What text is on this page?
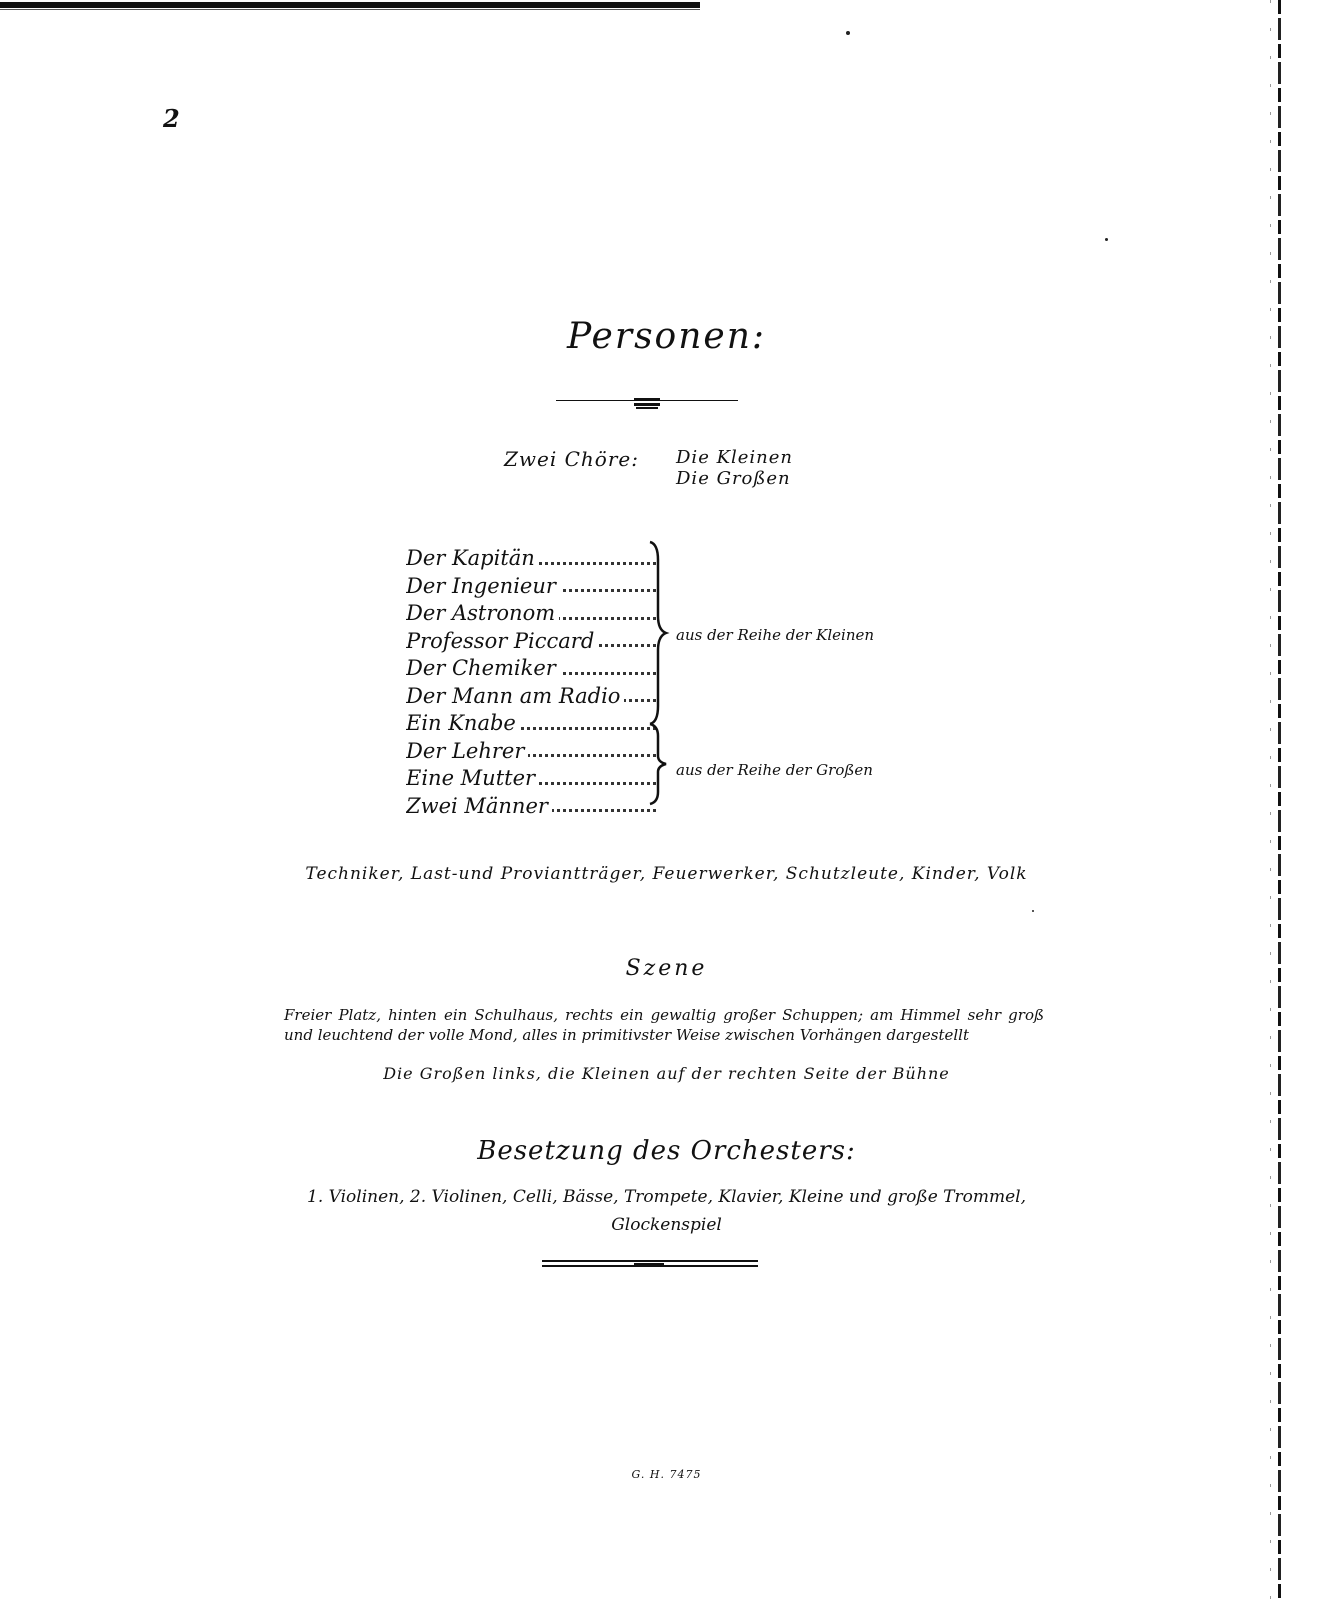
2
Personen:
Zwei Chöre: Die Kleinen
Die Großen
Der Kapitän
Der Ingenieur
Der Astronom
Professor Piccard
Der Chemiker
Der Mann am Radio
Ein Knabe
Der Lehrer
Eine Mutter
Zwei Männer
aus der Reihe der Kleinen
aus der Reihe der Großen
Techniker, Last-und Proviantträger, Feuerwerker, Schutzleute, Kinder, Volk
Szene
Freier Platz, hinten ein Schulhaus, rechts ein gewaltig großer Schuppen; am Himmel sehr groß und leuchtend der volle Mond, alles in primitivster Weise zwischen Vorhängen dargestellt
Die Großen links, die Kleinen auf der rechten Seite der Bühne
Besetzung des Orchesters:
1. Violinen, 2. Violinen, Celli, Bässe, Trompete, Klavier, Kleine und große Trommel, Glockenspiel
G. H. 7475
